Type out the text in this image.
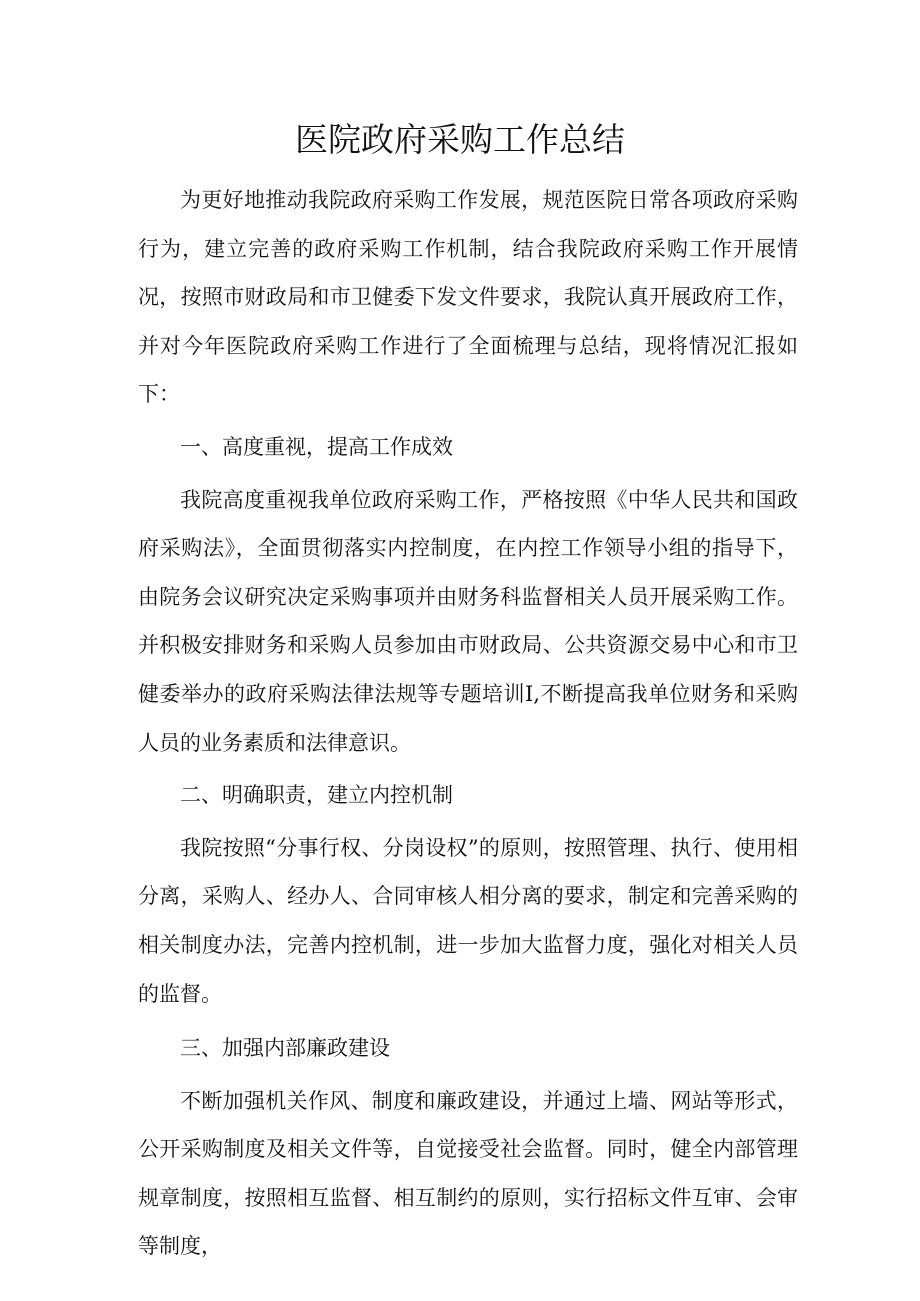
医院政府采购工作总结

为更好地推动我院政府采购工作发展，规范医院日常各项政府采购行为，建立完善的政府采购工作机制，结合我院政府采购工作开展情况，按照市财政局和市卫健委下发文件要求，我院认真开展政府工作，并对今年医院政府采购工作进行了全面梳理与总结，现将情况汇报如下：

一、高度重视，提高工作成效

我院高度重视我单位政府采购工作，严格按照《中华人民共和国政府采购法》，全面贯彻落实内控制度，在内控工作领导小组的指导下，由院务会议研究决定采购事项并由财务科监督相关人员开展采购工作。并积极安排财务和采购人员参加由市财政局、公共资源交易中心和市卫健委举办的政府采购法律法规等专题培训I,不断提高我单位财务和采购人员的业务素质和法律意识。

二、明确职责，建立内控机制

我院按照“分事行权、分岗设权”的原则，按照管理、执行、使用相分离，采购人、经办人、合同审核人相分离的要求，制定和完善采购的相关制度办法，完善内控机制，进一步加大监督力度，强化对相关人员的监督。

三、加强内部廉政建设

不断加强机关作风、制度和廉政建设，并通过上墙、网站等形式，公开采购制度及相关文件等，自觉接受社会监督。同时，健全内部管理规章制度，按照相互监督、相互制约的原则，实行招标文件互审、会审等制度，
